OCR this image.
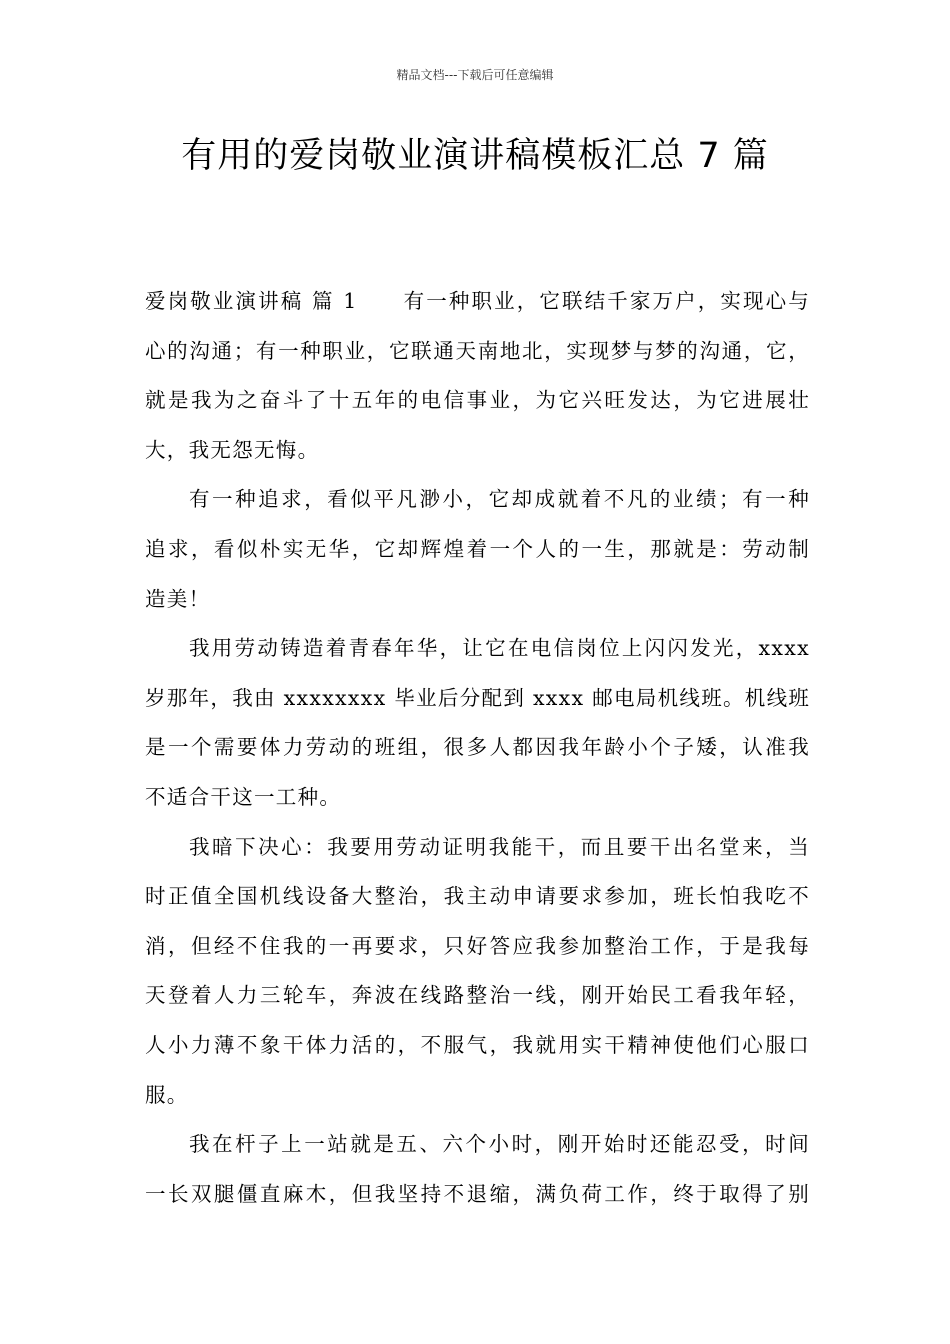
精品文档---下载后可任意编辑
有用的爱岗敬业演讲稿模板汇总 7 篇
爱岗敬业演讲稿 篇 1　　有一种职业，它联结千家万户，实现心与
心的沟通；有一种职业，它联通天南地北，实现梦与梦的沟通，它，
就是我为之奋斗了十五年的电信事业，为它兴旺发达，为它进展壮
大，我无怨无悔。
有一种追求，看似平凡渺小，它却成就着不凡的业绩；有一种
追求，看似朴实无华，它却辉煌着一个人的一生，那就是：劳动制
造美！
我用劳动铸造着青春年华，让它在电信岗位上闪闪发光，xxxx
岁那年，我由 xxxxxxxx 毕业后分配到 xxxx 邮电局机线班。机线班
是一个需要体力劳动的班组，很多人都因我年龄小个子矮，认准我
不适合干这一工种。
我暗下决心：我要用劳动证明我能干，而且要干出名堂来，当
时正值全国机线设备大整治，我主动申请要求参加，班长怕我吃不
消，但经不住我的一再要求，只好答应我参加整治工作，于是我每
天登着人力三轮车，奔波在线路整治一线，刚开始民工看我年轻，
人小力薄不象干体力活的，不服气，我就用实干精神使他们心服口
服。
我在杆子上一站就是五、六个小时，刚开始时还能忍受，时间
一长双腿僵直麻木，但我坚持不退缩，满负荷工作，终于取得了别
